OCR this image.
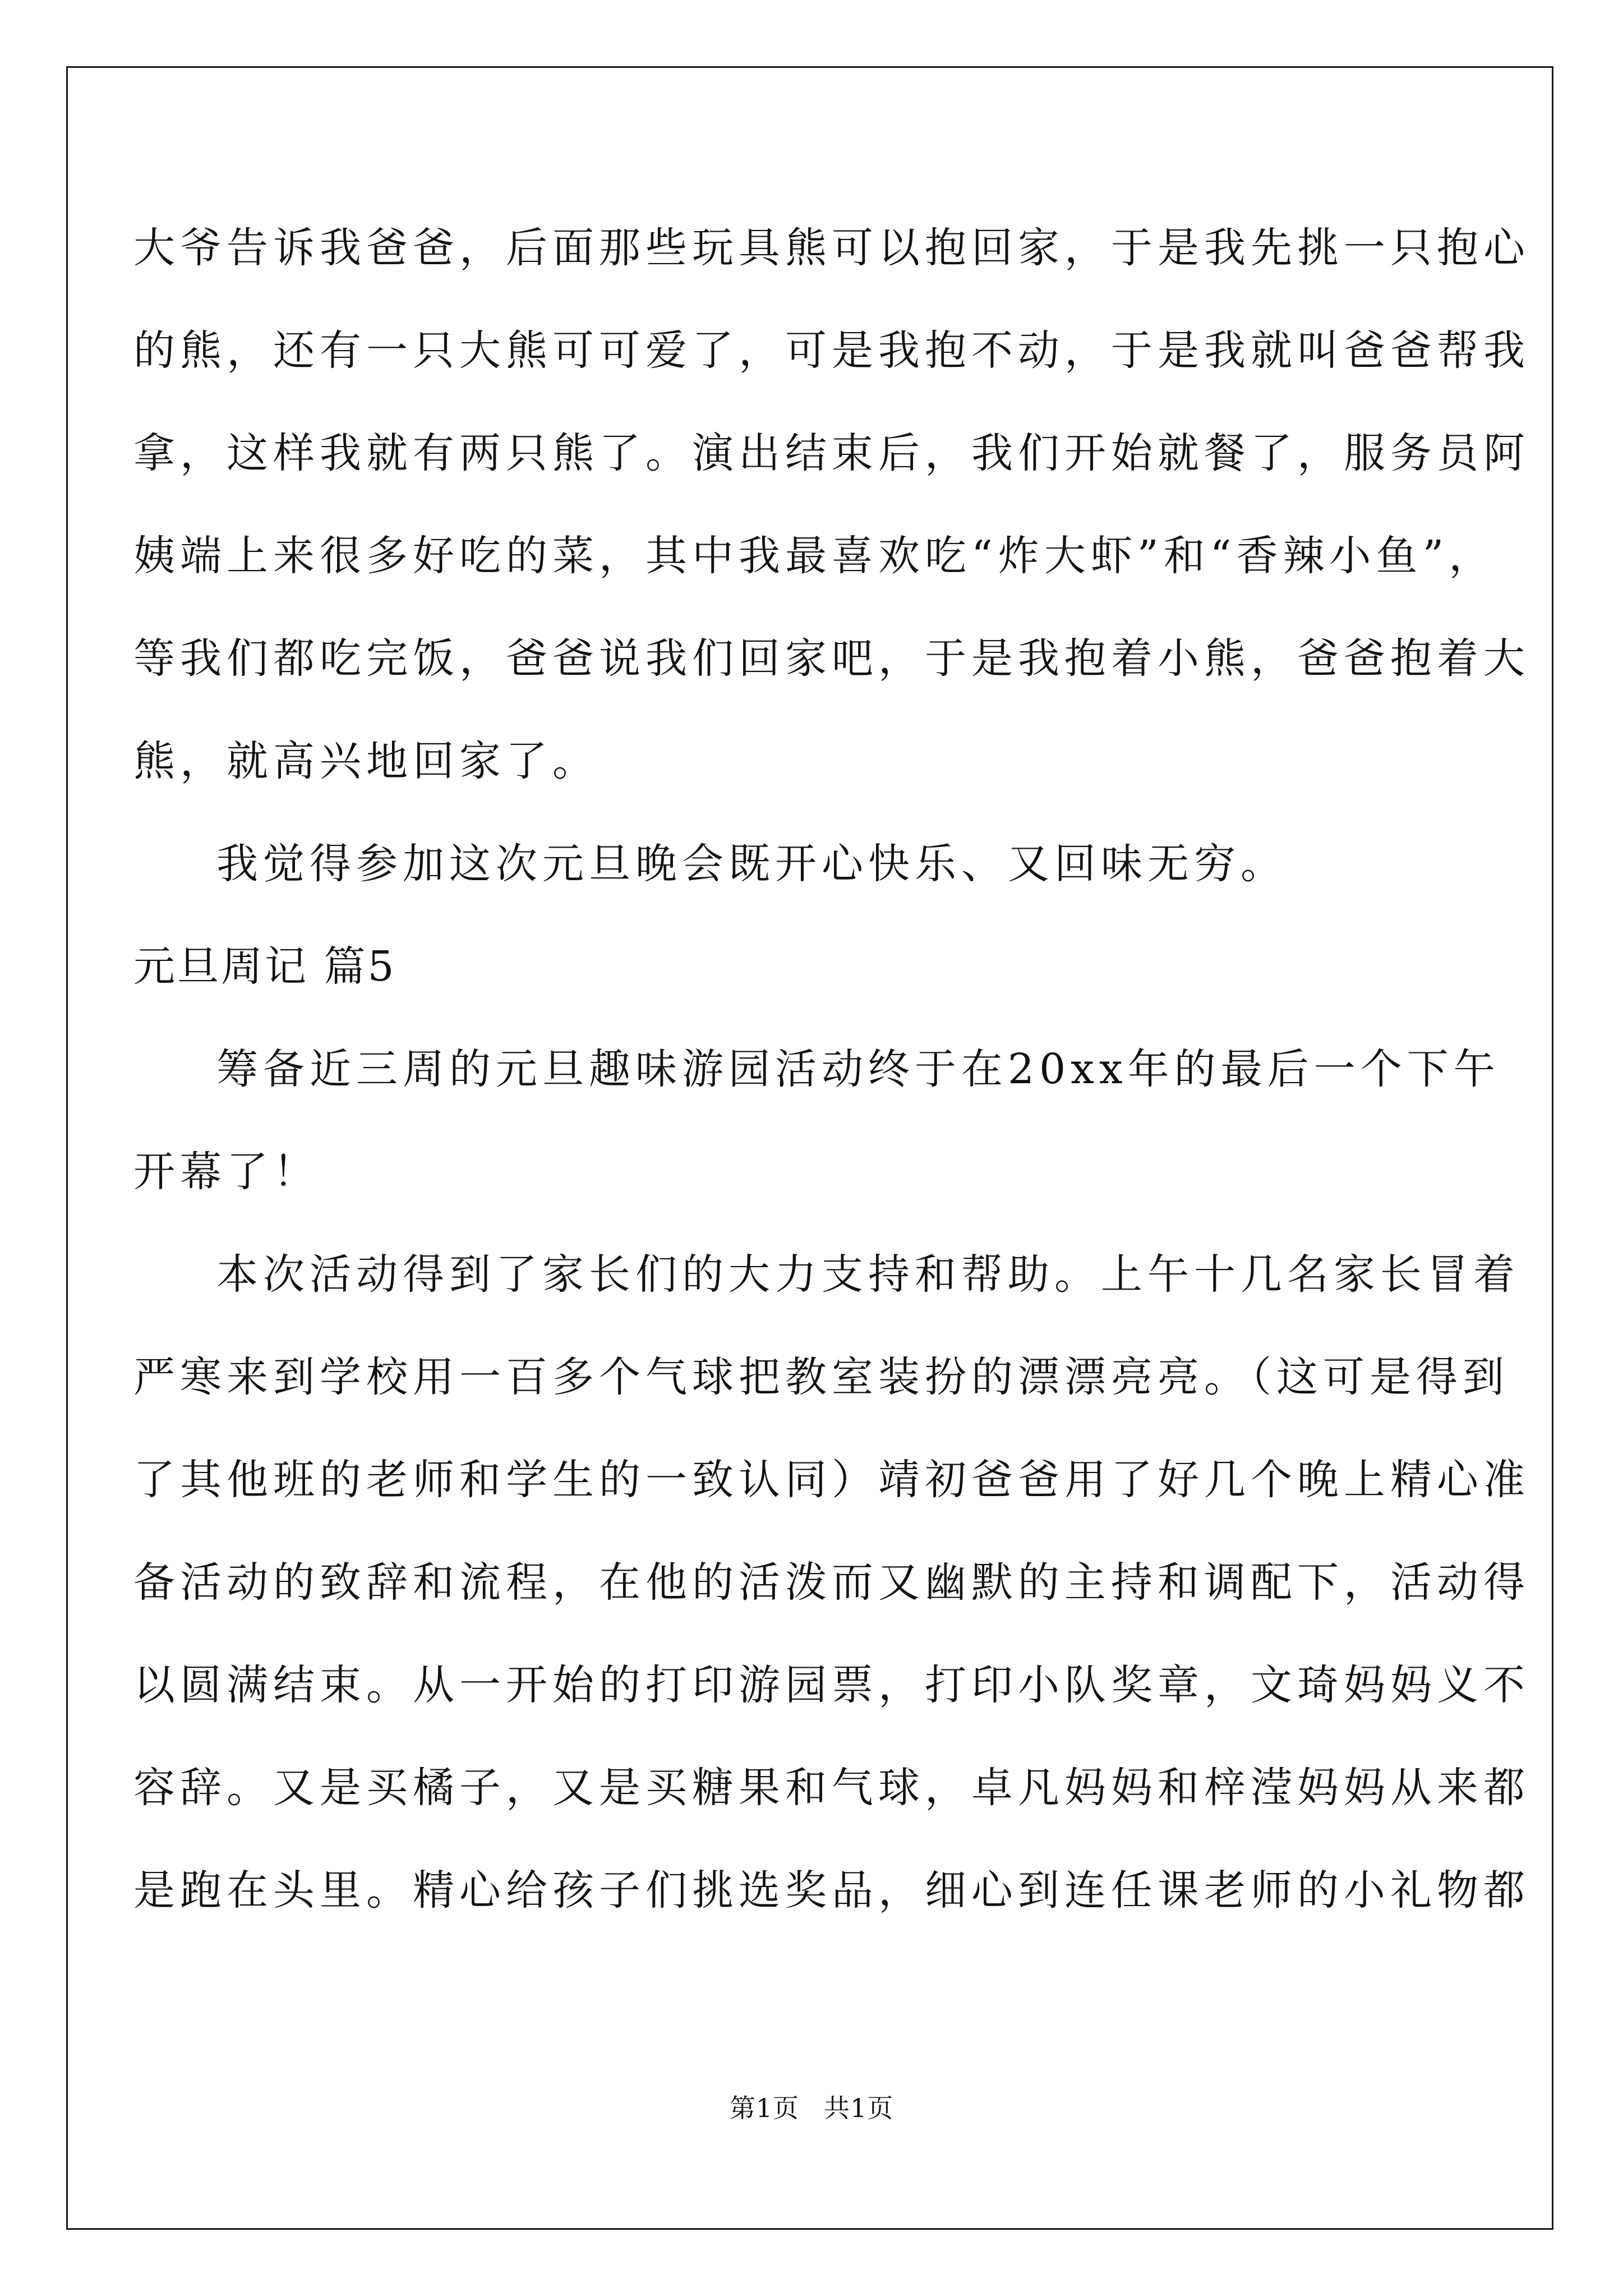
大爷告诉我爸爸，后面那些玩具熊可以抱回家，于是我先挑一只抱心
的熊，还有一只大熊可可爱了，可是我抱不动，于是我就叫爸爸帮我
拿，这样我就有两只熊了。演出结束后，我们开始就餐了，服务员阿
姨端上来很多好吃的菜，其中我最喜欢吃“炸大虾”和“香辣小鱼”，
等我们都吃完饭，爸爸说我们回家吧，于是我抱着小熊，爸爸抱着大
熊，就高兴地回家了。
我觉得参加这次元旦晚会既开心快乐、又回味无穷。
元旦周记 篇5
筹备近三周的元旦趣味游园活动终于在20xx年的最后一个下午
开幕了！
本次活动得到了家长们的大力支持和帮助。上午十几名家长冒着
严寒来到学校用一百多个气球把教室装扮的漂漂亮亮。（这可是得到
了其他班的老师和学生的一致认同）靖初爸爸用了好几个晚上精心准
备活动的致辞和流程，在他的活泼而又幽默的主持和调配下，活动得
以圆满结束。从一开始的打印游园票，打印小队奖章，文琦妈妈义不
容辞。又是买橘子，又是买糖果和气球，卓凡妈妈和梓滢妈妈从来都
是跑在头里。精心给孩子们挑选奖品，细心到连任课老师的小礼物都
第1页 共1页
